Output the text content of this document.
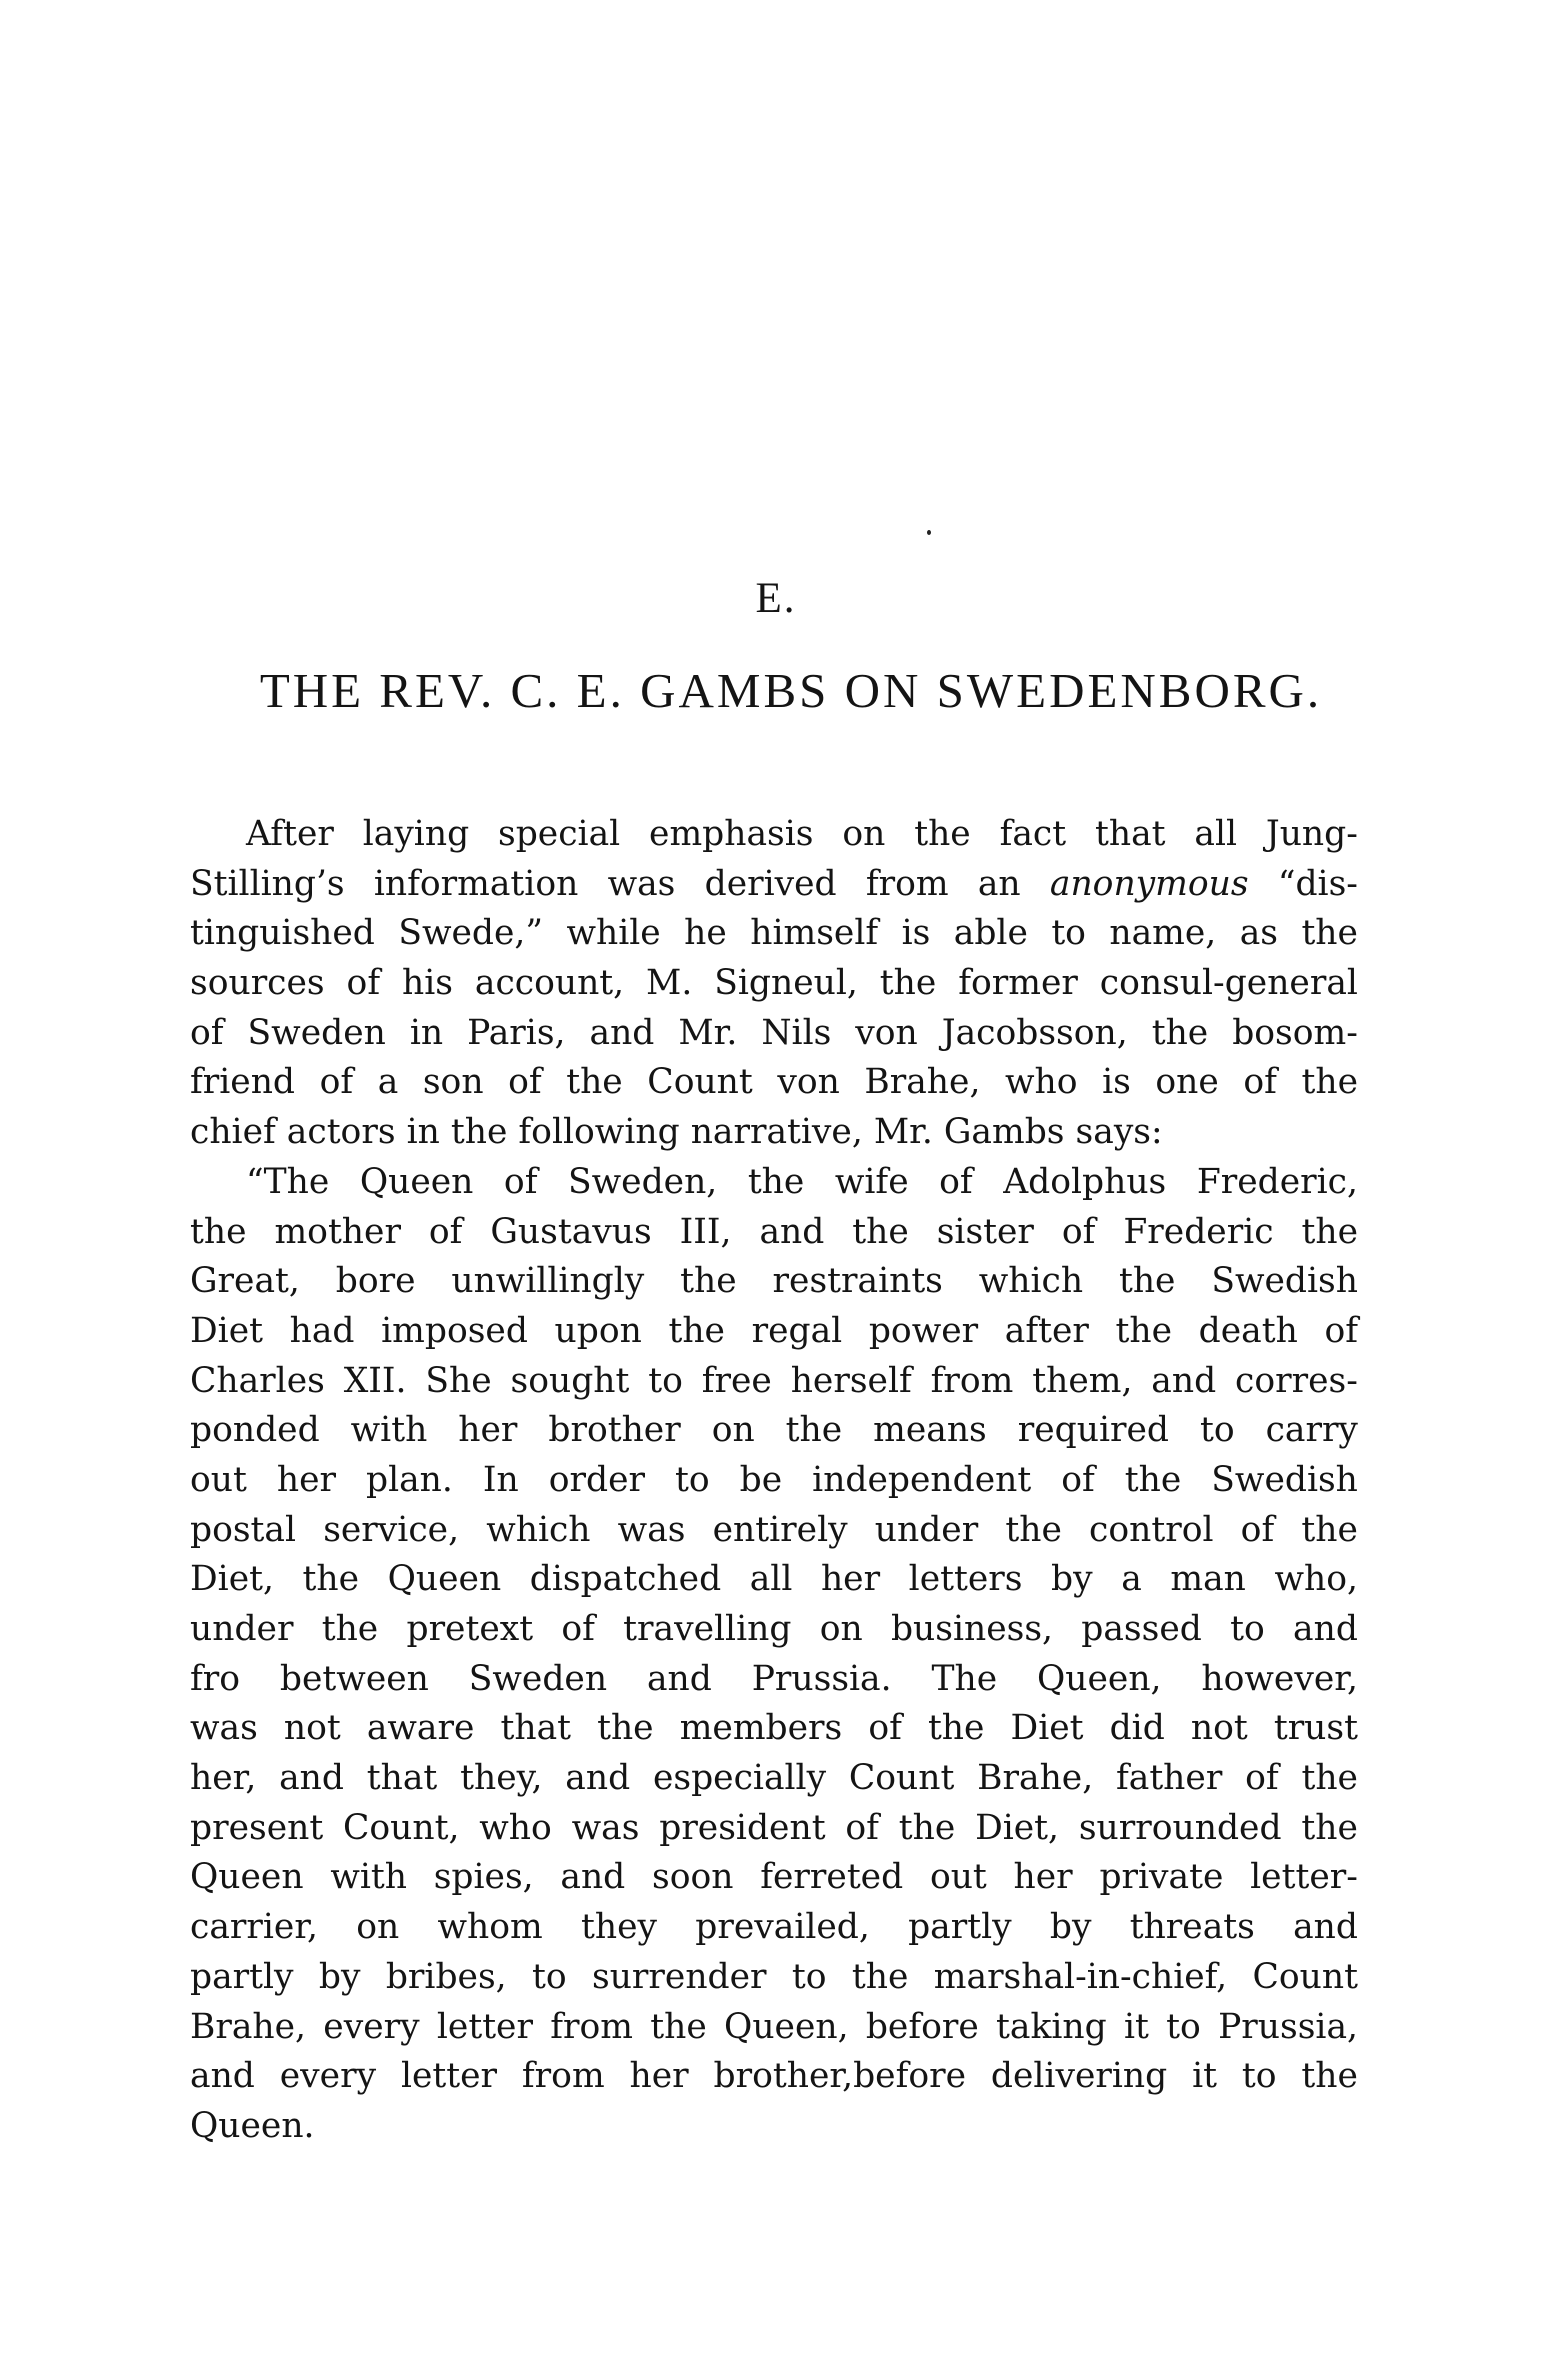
E.
THE REV. C. E. GAMBS ON SWEDENBORG.
After laying special emphasis on the fact that all Jung-
Stilling’s information was derived from an anonymous “dis-
tinguished Swede,” while he himself is able to name, as the
sources of his account, M. Signeul, the former consul-general
of Sweden in Paris, and Mr. Nils von Jacobsson, the bosom-
friend of a son of the Count von Brahe, who is one of the
chief actors in the following narrative, Mr. Gambs says:
“The Queen of Sweden, the wife of Adolphus Frederic,
the mother of Gustavus III, and the sister of Frederic the
Great, bore unwillingly the restraints which the Swedish
Diet had imposed upon the regal power after the death of
Charles XII. She sought to free herself from them, and corres-
ponded with her brother on the means required to carry
out her plan. In order to be independent of the Swedish
postal service, which was entirely under the control of the
Diet, the Queen dispatched all her letters by a man who,
under the pretext of travelling on business, passed to and
fro between Sweden and Prussia. The Queen, however,
was not aware that the members of the Diet did not trust
her, and that they, and especially Count Brahe, father of the
present Count, who was president of the Diet, surrounded the
Queen with spies, and soon ferreted out her private letter-
carrier, on whom they prevailed, partly by threats and
partly by bribes, to surrender to the marshal-in-chief, Count
Brahe, every letter from the Queen, before taking it to Prussia,
and every letter from her brother,before delivering it to the
Queen.
